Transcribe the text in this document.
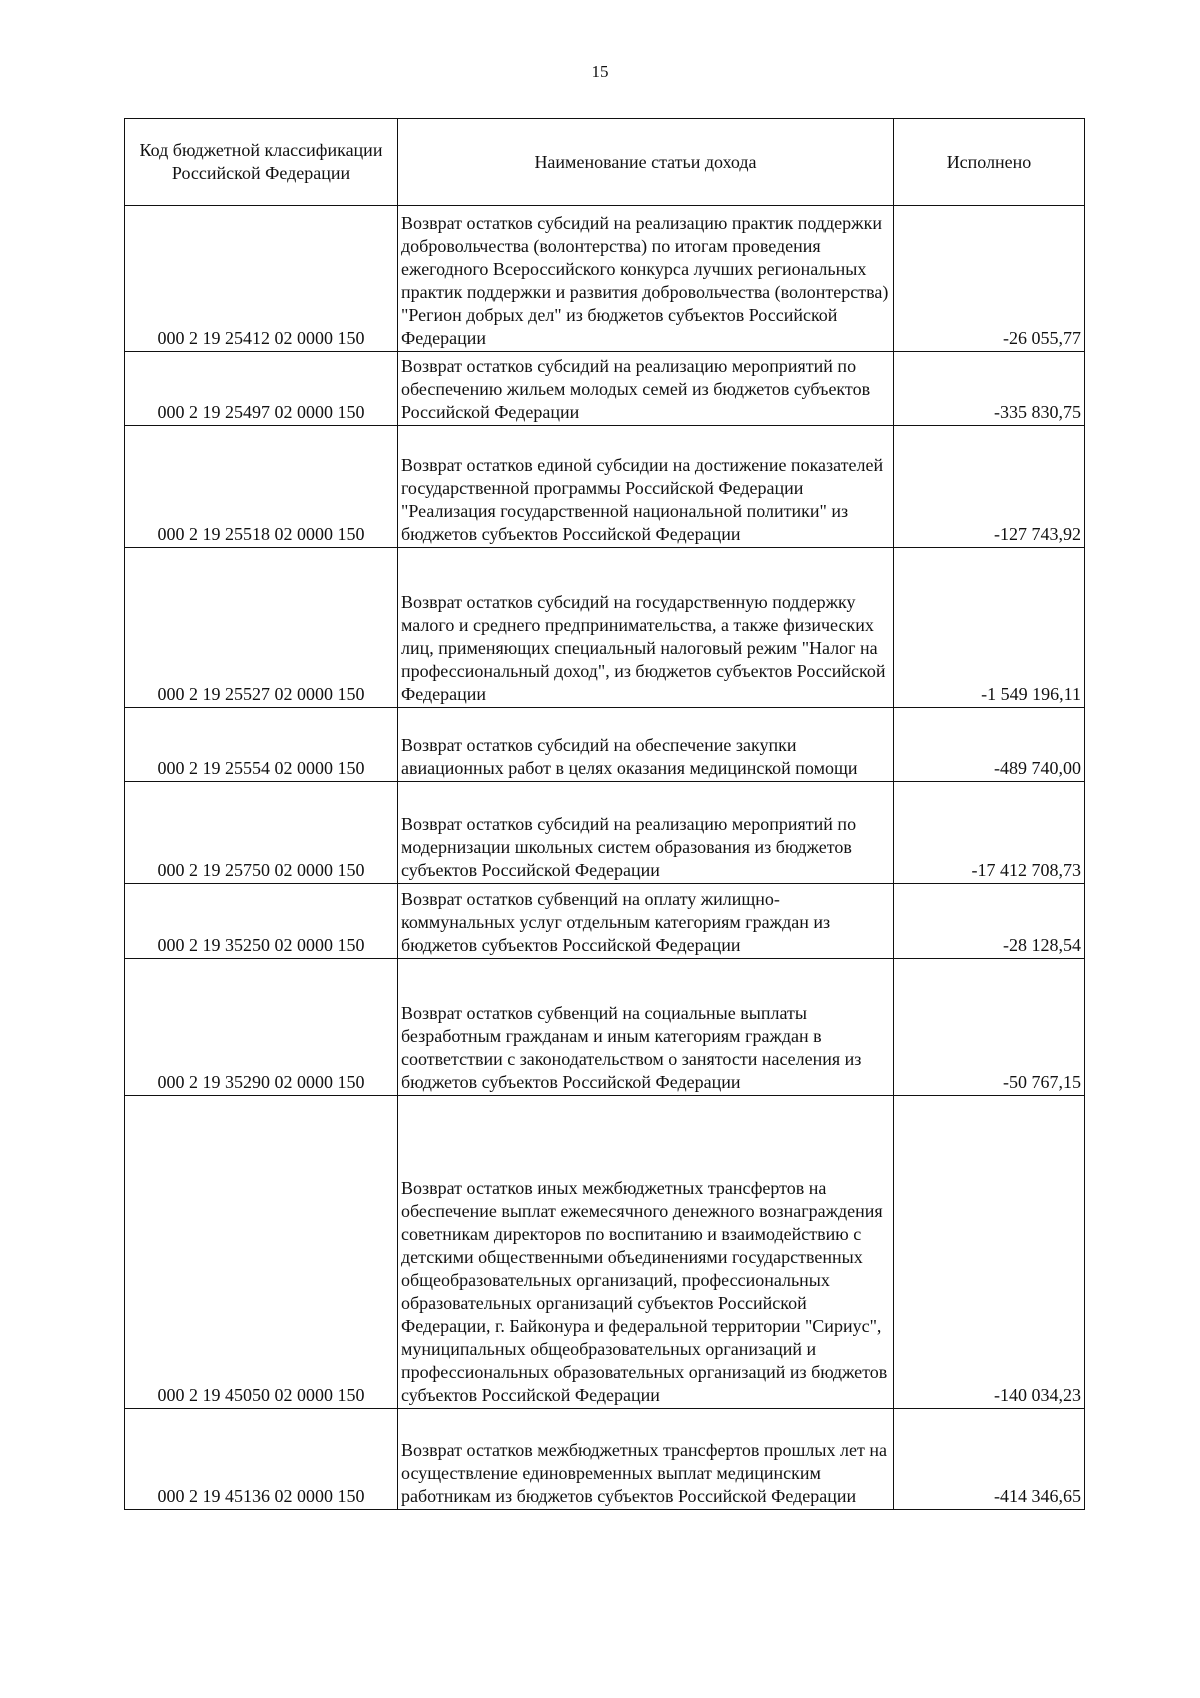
15
Код бюджетной классификации Российской Федерации	Наименование статьи дохода	Исполнено
000 2 19 25412 02 0000 150	Возврат остатков субсидий на реализацию практик поддержки добровольчества (волонтерства) по итогам проведения ежегодного Всероссийского конкурса лучших региональных практик поддержки и развития добровольчества (волонтерства) "Регион добрых дел" из бюджетов субъектов Российской Федерации	-26 055,77
000 2 19 25497 02 0000 150	Возврат остатков субсидий на реализацию мероприятий по обеспечению жильем молодых семей из бюджетов субъектов Российской Федерации	-335 830,75
000 2 19 25518 02 0000 150	Возврат остатков единой субсидии на достижение показателей государственной программы Российской Федерации "Реализация государственной национальной политики" из бюджетов субъектов Российской Федерации	-127 743,92
000 2 19 25527 02 0000 150	Возврат остатков субсидий на государственную поддержку малого и среднего предпринимательства, а также физических лиц, применяющих специальный налоговый режим "Налог на профессиональный доход", из бюджетов субъектов Российской Федерации	-1 549 196,11
000 2 19 25554 02 0000 150	Возврат остатков субсидий на обеспечение закупки авиационных работ в целях оказания медицинской помощи	-489 740,00
000 2 19 25750 02 0000 150	Возврат остатков субсидий на реализацию мероприятий по модернизации школьных систем образования из бюджетов субъектов Российской Федерации	-17 412 708,73
000 2 19 35250 02 0000 150	Возврат остатков субвенций на оплату жилищно-коммунальных услуг отдельным категориям граждан из бюджетов субъектов Российской Федерации	-28 128,54
000 2 19 35290 02 0000 150	Возврат остатков субвенций на социальные выплаты безработным гражданам и иным категориям граждан в соответствии с законодательством о занятости населения из бюджетов субъектов Российской Федерации	-50 767,15
000 2 19 45050 02 0000 150	Возврат остатков иных межбюджетных трансфертов на обеспечение выплат ежемесячного денежного вознаграждения советникам директоров по воспитанию и взаимодействию с детскими общественными объединениями государственных общеобразовательных организаций, профессиональных образовательных организаций субъектов Российской Федерации, г. Байконура и федеральной территории "Сириус", муниципальных общеобразовательных организаций и профессиональных образовательных организаций из бюджетов субъектов Российской Федерации	-140 034,23
000 2 19 45136 02 0000 150	Возврат остатков межбюджетных трансфертов прошлых лет на осуществление единовременных выплат медицинским работникам из бюджетов субъектов Российской Федерации	-414 346,65
